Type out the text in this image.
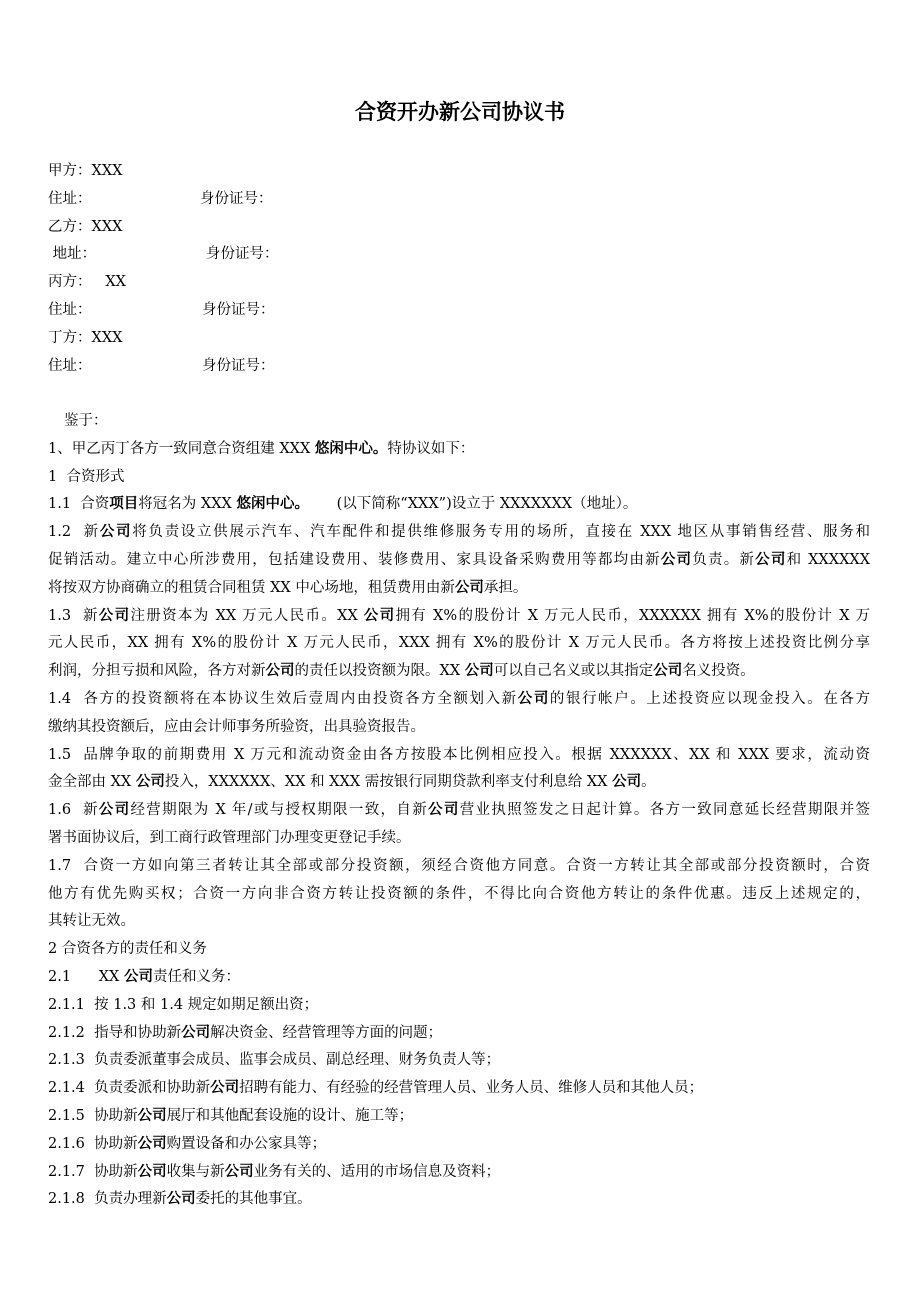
合资开办新公司协议书
甲方：XXX
住址：	身份证号：
乙方：XXX
地址：	身份证号：
丙方：   XX
住址：	身份证号：
丁方：XXX
住址：	身份证号：
鉴于：
1、甲乙丙丁各方一致同意合资组建 XXX 悠闲中心。特协议如下：
1  合资形式
1.1  合资项目将冠名为 XXX 悠闲中心。      (以下简称“XXX”)设立于 XXXXXXX（地址）。
1.2  新公司将负责设立供展示汽车、汽车配件和提供维修服务专用的场所，直接在 XXX 地区从事销售经营、服务和
促销活动。建立中心所涉费用，包括建设费用、装修费用、家具设备采购费用等都均由新公司负责。新公司和 XXXXXX
将按双方协商确立的租赁合同租赁 XX 中心场地，租赁费用由新公司承担。
1.3  新公司注册资本为 XX 万元人民币。XX 公司拥有 X%的股份计 X 万元人民币，XXXXXX 拥有 X%的股份计 X 万
元人民币，XX 拥有 X%的股份计 X 万元人民币，XXX 拥有 X%的股份计 X 万元人民币。各方将按上述投资比例分享
利润，分担亏损和风险，各方对新公司的责任以投资额为限。XX 公司可以自己名义或以其指定公司名义投资。
1.4  各方的投资额将在本协议生效后壹周内由投资各方全额划入新公司的银行帐户。上述投资应以现金投入。在各方
缴纳其投资额后，应由会计师事务所验资，出具验资报告。
1.5  品牌争取的前期费用 X 万元和流动资金由各方按股本比例相应投入。根据 XXXXXX、XX 和 XXX 要求，流动资
金全部由 XX 公司投入，XXXXXX、XX 和 XXX 需按银行同期贷款利率支付利息给 XX 公司。
1.6  新公司经营期限为 X 年/或与授权期限一致，自新公司营业执照签发之日起计算。各方一致同意延长经营期限并签
署书面协议后，到工商行政管理部门办理变更登记手续。
1.7  合资一方如向第三者转让其全部或部分投资额，须经合资他方同意。合资一方转让其全部或部分投资额时，合资
他方有优先购买权；合资一方向非合资方转让投资额的条件，不得比向合资他方转让的条件优惠。违反上述规定的，
其转让无效。
2 合资各方的责任和义务
2.1      XX 公司责任和义务：
2.1.1  按 1.3 和 1.4 规定如期足额出资；
2.1.2  指导和协助新公司解决资金、经营管理等方面的问题；
2.1.3  负责委派董事会成员、监事会成员、副总经理、财务负责人等；
2.1.4  负责委派和协助新公司招聘有能力、有经验的经营管理人员、业务人员、维修人员和其他人员；
2.1.5  协助新公司展厅和其他配套设施的设计、施工等；
2.1.6  协助新公司购置设备和办公家具等；
2.1.7  协助新公司收集与新公司业务有关的、适用的市场信息及资料；
2.1.8  负责办理新公司委托的其他事宜。
